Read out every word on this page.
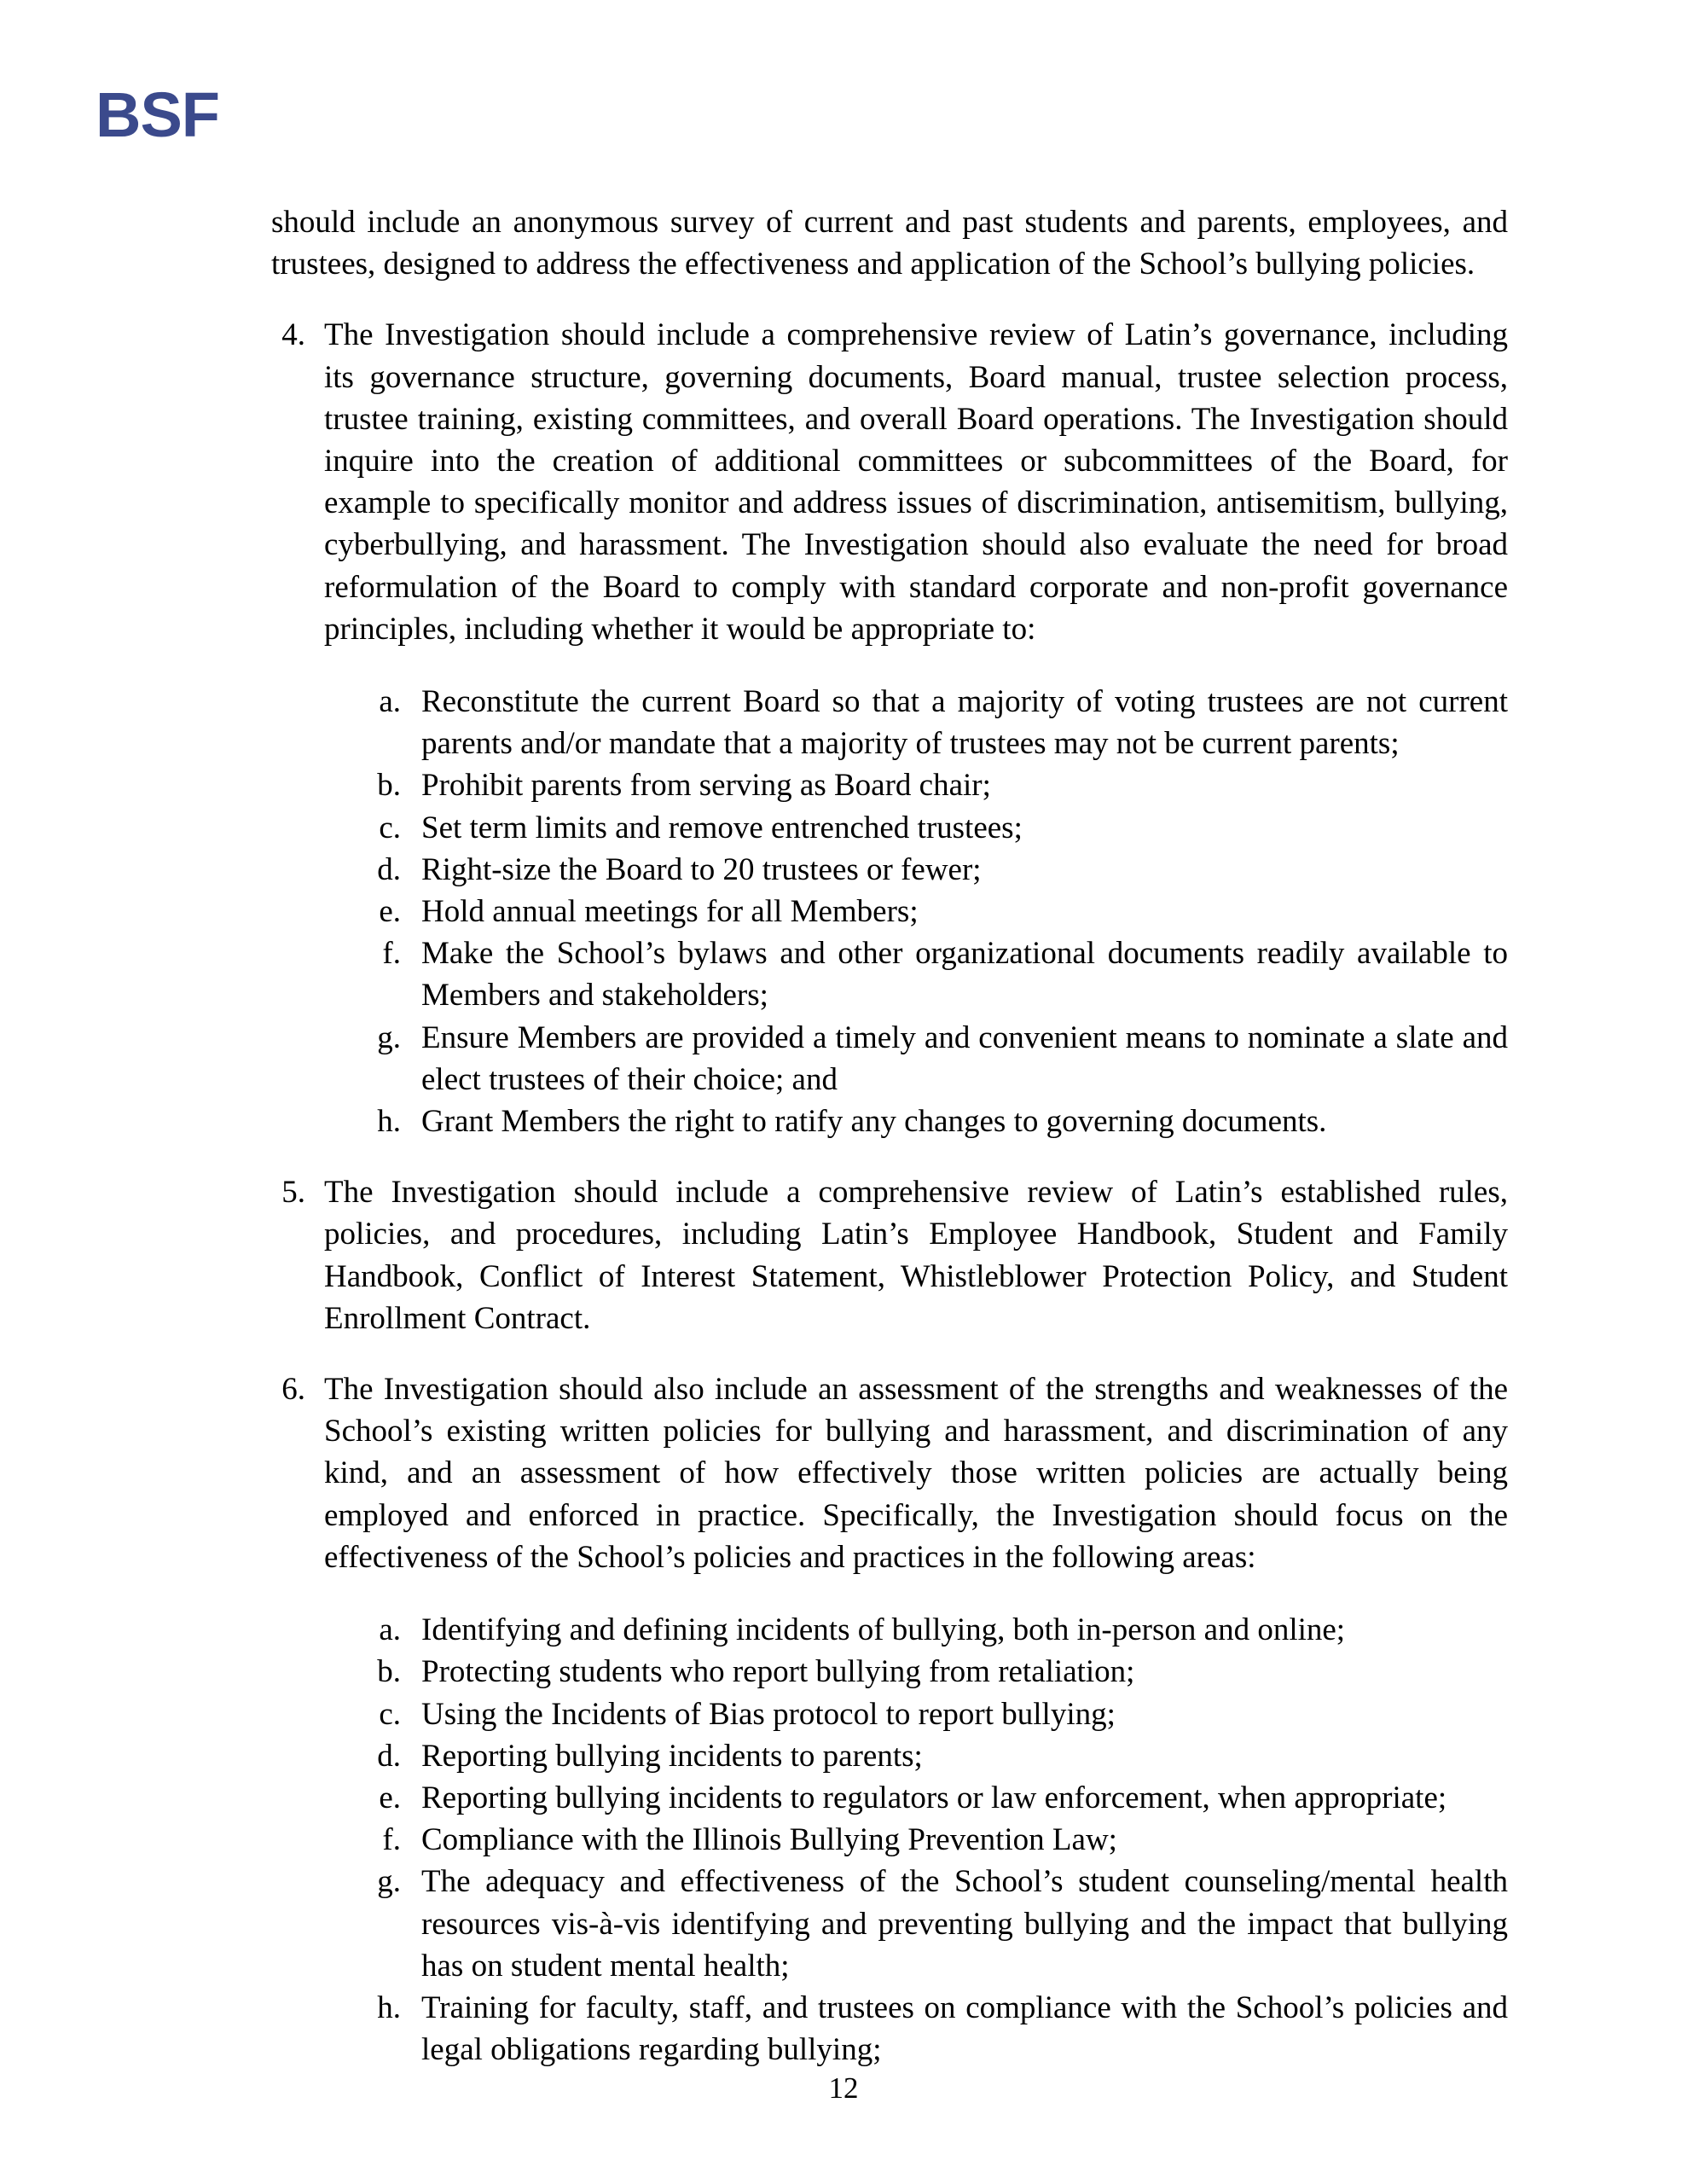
BSF

should include an anonymous survey of current and past students and parents, employees, and trustees, designed to address the effectiveness and application of the School’s bullying policies.

4. The Investigation should include a comprehensive review of Latin’s governance, including its governance structure, governing documents, Board manual, trustee selection process, trustee training, existing committees, and overall Board operations. The Investigation should inquire into the creation of additional committees or subcommittees of the Board, for example to specifically monitor and address issues of discrimination, antisemitism, bullying, cyberbullying, and harassment. The Investigation should also evaluate the need for broad reformulation of the Board to comply with standard corporate and non-profit governance principles, including whether it would be appropriate to:
a. Reconstitute the current Board so that a majority of voting trustees are not current parents and/or mandate that a majority of trustees may not be current parents;
b. Prohibit parents from serving as Board chair;
c. Set term limits and remove entrenched trustees;
d. Right-size the Board to 20 trustees or fewer;
e. Hold annual meetings for all Members;
f. Make the School’s bylaws and other organizational documents readily available to Members and stakeholders;
g. Ensure Members are provided a timely and convenient means to nominate a slate and elect trustees of their choice; and
h. Grant Members the right to ratify any changes to governing documents.
5. The Investigation should include a comprehensive review of Latin’s established rules, policies, and procedures, including Latin’s Employee Handbook, Student and Family Handbook, Conflict of Interest Statement, Whistleblower Protection Policy, and Student Enrollment Contract.
6. The Investigation should also include an assessment of the strengths and weaknesses of the School’s existing written policies for bullying and harassment, and discrimination of any kind, and an assessment of how effectively those written policies are actually being employed and enforced in practice. Specifically, the Investigation should focus on the effectiveness of the School’s policies and practices in the following areas:
a. Identifying and defining incidents of bullying, both in-person and online;
b. Protecting students who report bullying from retaliation;
c. Using the Incidents of Bias protocol to report bullying;
d. Reporting bullying incidents to parents;
e. Reporting bullying incidents to regulators or law enforcement, when appropriate;
f. Compliance with the Illinois Bullying Prevention Law;
g. The adequacy and effectiveness of the School’s student counseling/mental health resources vis-à-vis identifying and preventing bullying and the impact that bullying has on student mental health;
h. Training for faculty, staff, and trustees on compliance with the School’s policies and legal obligations regarding bullying;
12
